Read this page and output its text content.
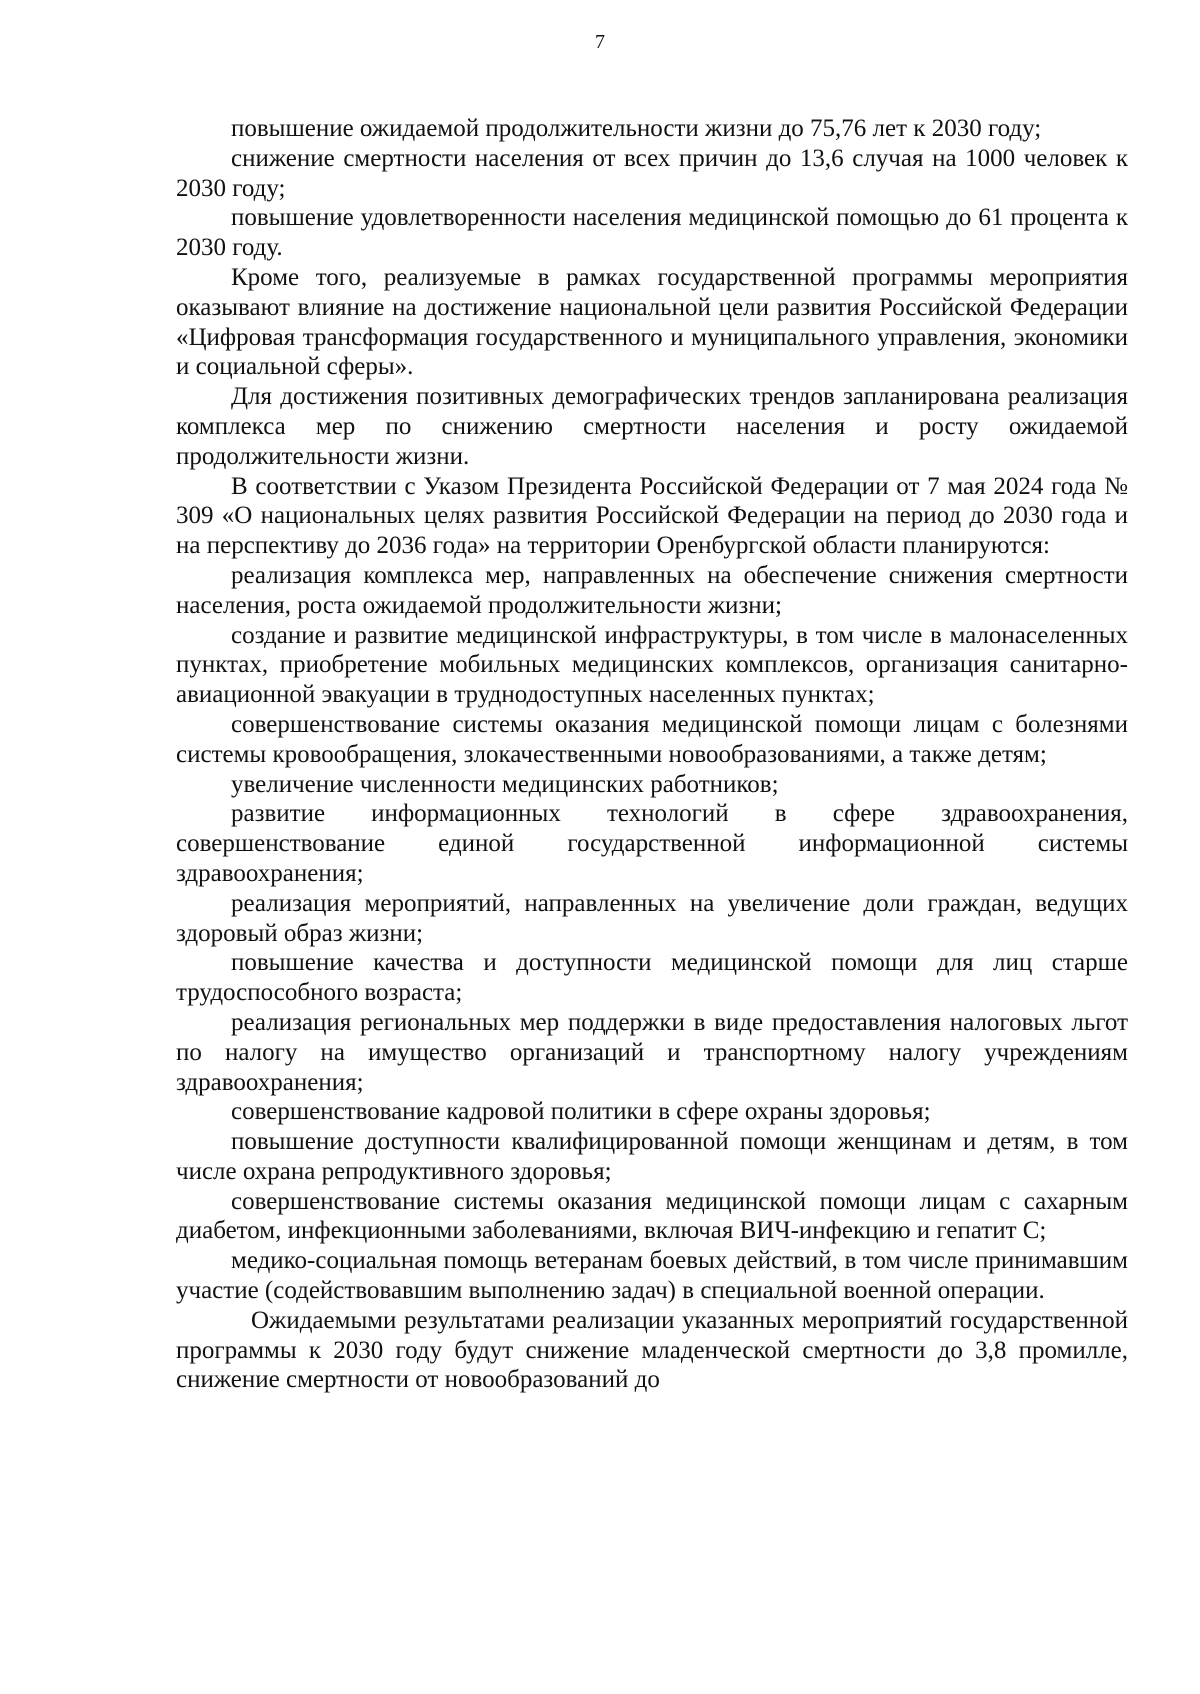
7

повышение ожидаемой продолжительности жизни до 75,76 лет к 2030 году;

снижение смертности населения от всех причин до 13,6 случая на 1000 человек к 2030 году;

повышение удовлетворенности населения медицинской помощью до 61 процента к 2030 году.

Кроме того, реализуемые в рамках государственной программы мероприятия оказывают влияние на достижение национальной цели развития Российской Федерации «Цифровая трансформация государственного и муниципального управления, экономики и социальной сферы».

Для достижения позитивных демографических трендов запланирована реализация комплекса мер по снижению смертности населения и росту ожидаемой продолжительности жизни.

В соответствии с Указом Президента Российской Федерации от 7 мая 2024 года № 309 «О национальных целях развития Российской Федерации на период до 2030 года и на перспективу до 2036 года» на территории Оренбургской области планируются:

реализация комплекса мер, направленных на обеспечение снижения смертности населения, роста ожидаемой продолжительности жизни;

создание и развитие медицинской инфраструктуры, в том числе в малонаселенных пунктах, приобретение мобильных медицинских комплексов, организация санитарно-авиационной эвакуации в труднодоступных населенных пунктах;

совершенствование системы оказания медицинской помощи лицам с болезнями системы кровообращения, злокачественными новообразованиями, а также детям;

увеличение численности медицинских работников;

развитие информационных технологий в сфере здравоохранения, совершенствование единой государственной информационной системы здравоохранения;

реализация мероприятий, направленных на увеличение доли граждан, ведущих здоровый образ жизни;

повышение качества и доступности медицинской помощи для лиц старше трудоспособного возраста;

реализация региональных мер поддержки в виде предоставления налоговых льгот по налогу на имущество организаций и транспортному налогу учреждениям здравоохранения;

совершенствование кадровой политики в сфере охраны здоровья;

повышение доступности квалифицированной помощи женщинам и детям, в том числе охрана репродуктивного здоровья;

совершенствование системы оказания медицинской помощи лицам с сахарным диабетом, инфекционными заболеваниями, включая ВИЧ-инфекцию и гепатит С;

медико-социальная помощь ветеранам боевых действий, в том числе принимавшим участие (содействовавшим выполнению задач) в специальной военной операции.

Ожидаемыми результатами реализации указанных мероприятий государственной программы к 2030 году будут снижение младенческой смертности до 3,8 промилле, снижение смертности от новообразований до
